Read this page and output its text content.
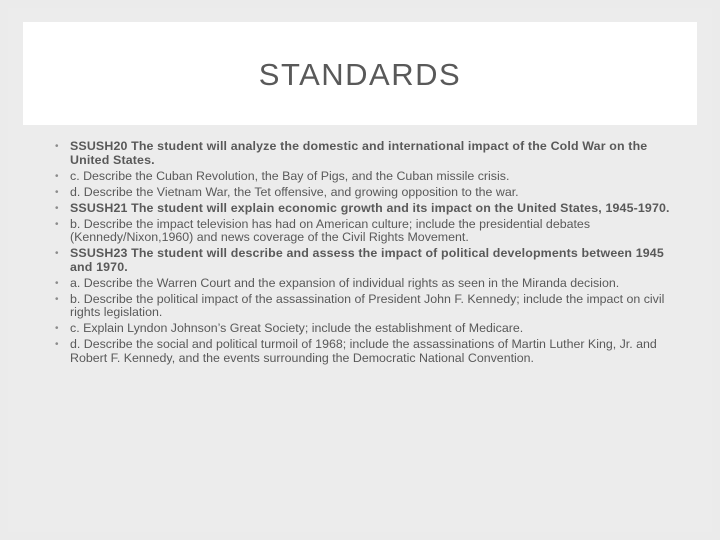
STANDARDS
• SSUSH20 The student will analyze the domestic and international impact of the Cold War on the United States.
• c. Describe the Cuban Revolution, the Bay of Pigs, and the Cuban missile crisis.
• d. Describe the Vietnam War, the Tet offensive, and growing opposition to the war.
• SSUSH21 The student will explain economic growth and its impact on the United States, 1945-1970.
• b. Describe the impact television has had on American culture; include the presidential debates (Kennedy/Nixon,1960) and news coverage of the Civil Rights Movement.
• SSUSH23 The student will describe and assess the impact of political developments between 1945 and 1970.
• a. Describe the Warren Court and the expansion of individual rights as seen in the Miranda decision.
• b. Describe the political impact of the assassination of President John F. Kennedy; include the impact on civil rights legislation.
• c. Explain Lyndon Johnson’s Great Society; include the establishment of Medicare.
• d. Describe the social and political turmoil of 1968; include the assassinations of Martin Luther King, Jr. and Robert F. Kennedy, and the events surrounding the Democratic National Convention.
